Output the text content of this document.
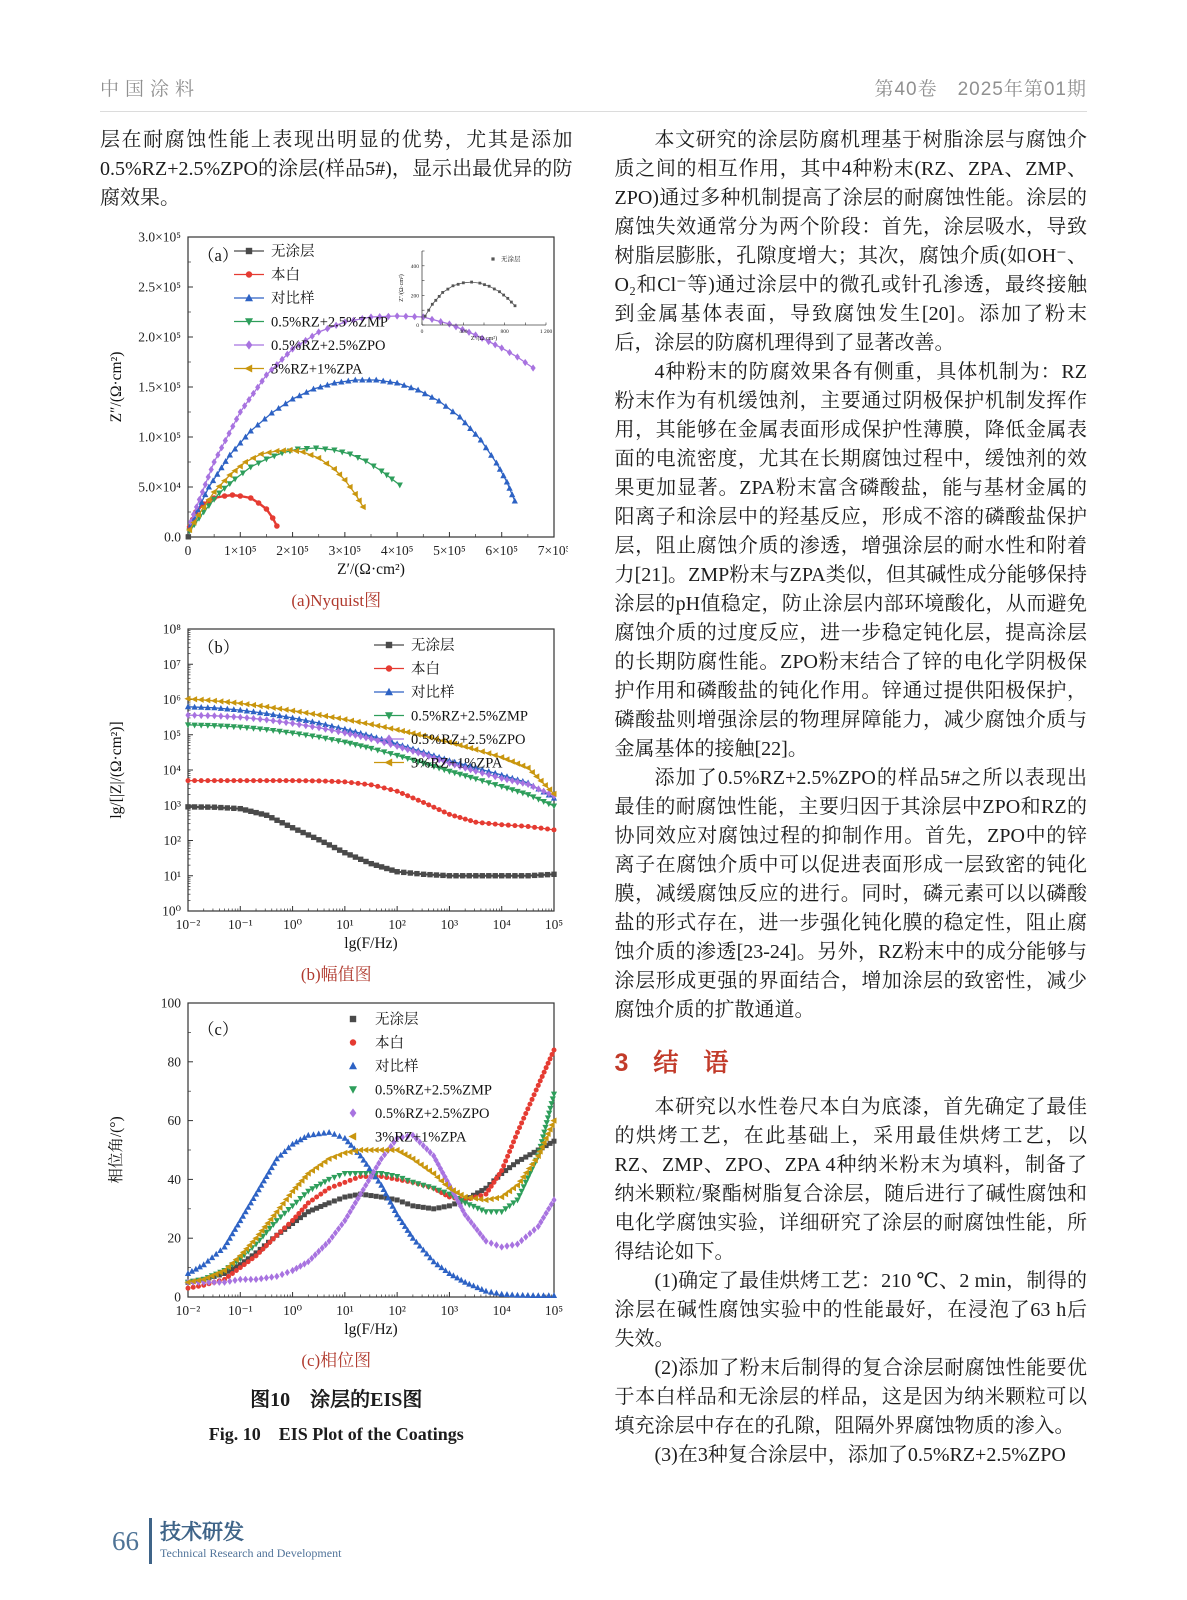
中国涂料	第40卷　2025年第01期

层在耐腐蚀性能上表现出明显的优势，尤其是添加0.5%RZ+2.5%ZPO的涂层(样品5#)，显示出最优异的防腐效果。

0 1×10⁵ 2×10⁵ 3×10⁵ 4×10⁵ 5×10⁵ 6×10⁵ 7×10⁵
0.0
5.0×10⁴
1.0×10⁵
1.5×10⁵
2.0×10⁵
2.5×10⁵
3.0×10⁵
Z′/(Ω·cm²)
Z″/(Ω·cm²)
无涂层
本白
对比样
0.5%RZ+2.5%ZMP
0.5%RZ+2.5%ZPO
3%RZ+1%ZPA
（a）
0	400	800	1 200
0
200
400
Z′/(Ω·cm²)
Z″/(Ω·cm²)
无涂层
(a)Nyquist图
10⁻² 10⁻¹ 10⁰	10¹	10²	10³	10⁴	10⁵
10⁰
10¹
10²
10³
10⁴
10⁵
10⁶
10⁷
10⁸
lg(F/Hz)
lg/[|Z|/(Ω·cm²)]
无涂层
本白
对比样
0.5%RZ+2.5%ZMP
0.5%RZ+2.5%ZPO
3%RZ+1%ZPA
（b）
(b)幅值图
10⁻² 10⁻¹ 10⁰	10¹	10²	10³	10⁴	10⁵
0
20
40
60
80
100
lg(F/Hz)
相位角/(°)
无涂层
本白
对比样
0.5%RZ+2.5%ZMP
0.5%RZ+2.5%ZPO
3%RZ+1%ZPA
（c）
(c)相位图
图10　涂层的EIS图
Fig. 10　EIS Plot of the Coatings

本文研究的涂层防腐机理基于树脂涂层与腐蚀介质之间的相互作用，其中4种粉末(RZ、ZPA、ZMP、ZPO)通过多种机制提高了涂层的耐腐蚀性能。涂层的腐蚀失效通常分为两个阶段：首先，涂层吸水，导致树脂层膨胀，孔隙度增大；其次，腐蚀介质(如OH⁻、O₂和Cl⁻等)通过涂层中的微孔或针孔渗透，最终接触到金属基体表面，导致腐蚀发生[20]。添加了粉末后，涂层的防腐机理得到了显著改善。

4种粉末的防腐效果各有侧重，具体机制为：RZ粉末作为有机缓蚀剂，主要通过阴极保护机制发挥作用，其能够在金属表面形成保护性薄膜，降低金属表面的电流密度，尤其在长期腐蚀过程中，缓蚀剂的效果更加显著。ZPA粉末富含磷酸盐，能与基材金属的阳离子和涂层中的羟基反应，形成不溶的磷酸盐保护层，阻止腐蚀介质的渗透，增强涂层的耐水性和附着力[21]。ZMP粉末与ZPA类似，但其碱性成分能够保持涂层的pH值稳定，防止涂层内部环境酸化，从而避免腐蚀介质的过度反应，进一步稳定钝化层，提高涂层的长期防腐性能。ZPO粉末结合了锌的电化学阴极保护作用和磷酸盐的钝化作用。锌通过提供阳极保护，磷酸盐则增强涂层的物理屏障能力，减少腐蚀介质与金属基体的接触[22]。

添加了0.5%RZ+2.5%ZPO的样品5#之所以表现出最佳的耐腐蚀性能，主要归因于其涂层中ZPO和RZ的协同效应对腐蚀过程的抑制作用。首先，ZPO中的锌离子在腐蚀介质中可以促进表面形成一层致密的钝化膜，减缓腐蚀反应的进行。同时，磷元素可以以磷酸盐的形式存在，进一步强化钝化膜的稳定性，阻止腐蚀介质的渗透[23-24]。另外，RZ粉末中的成分能够与涂层形成更强的界面结合，增加涂层的致密性，减少腐蚀介质的扩散通道。

3　结　语

本研究以水性卷尺本白为底漆，首先确定了最佳的烘烤工艺，在此基础上，采用最佳烘烤工艺，以RZ、ZMP、ZPO、ZPA 4种纳米粉末为填料，制备了纳米颗粒/聚酯树脂复合涂层，随后进行了碱性腐蚀和电化学腐蚀实验，详细研究了涂层的耐腐蚀性能，所得结论如下。

(1)确定了最佳烘烤工艺：210 ℃、2 min，制得的涂层在碱性腐蚀实验中的性能最好，在浸泡了63 h后失效。

(2)添加了粉末后制得的复合涂层耐腐蚀性能要优于本白样品和无涂层的样品，这是因为纳米颗粒可以填充涂层中存在的孔隙，阻隔外界腐蚀物质的渗入。

(3)在3种复合涂层中，添加了0.5%RZ+2.5%ZPO

66 技术研发
Technical Research and Development
